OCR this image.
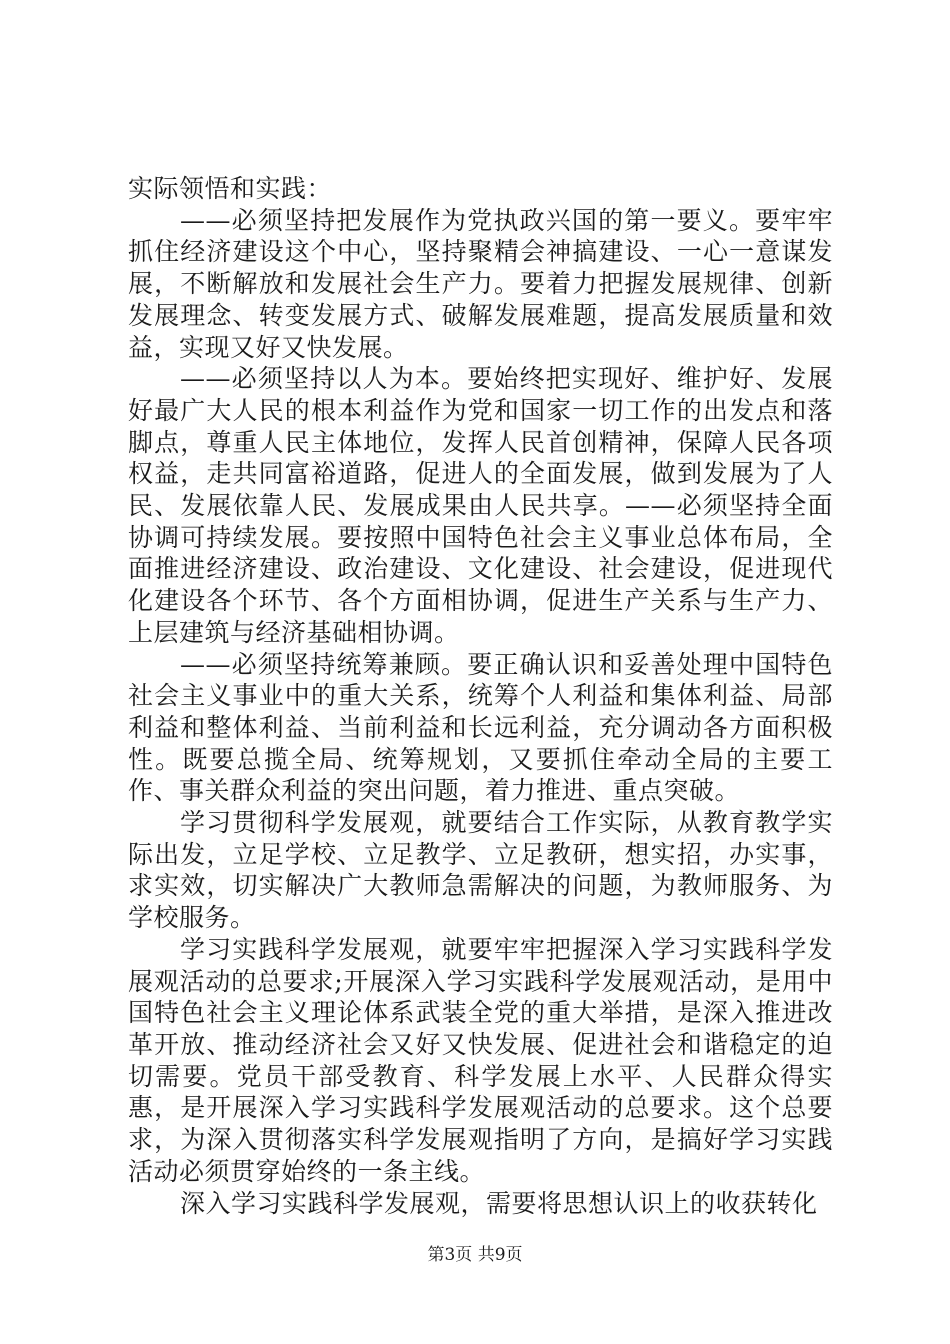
实际领悟和实践：

——必须坚持把发展作为党执政兴国的第一要义。要牢牢抓住经济建设这个中心，坚持聚精会神搞建设、一心一意谋发展，不断解放和发展社会生产力。要着力把握发展规律、创新发展理念、转变发展方式、破解发展难题，提高发展质量和效益，实现又好又快发展。

——必须坚持以人为本。要始终把实现好、维护好、发展好最广大人民的根本利益作为党和国家一切工作的出发点和落脚点，尊重人民主体地位，发挥人民首创精神，保障人民各项权益，走共同富裕道路，促进人的全面发展，做到发展为了人民、发展依靠人民、发展成果由人民共享。——必须坚持全面协调可持续发展。要按照中国特色社会主义事业总体布局，全面推进经济建设、政治建设、文化建设、社会建设，促进现代化建设各个环节、各个方面相协调，促进生产关系与生产力、上层建筑与经济基础相协调。

——必须坚持统筹兼顾。要正确认识和妥善处理中国特色社会主义事业中的重大关系，统筹个人利益和集体利益、局部利益和整体利益、当前利益和长远利益，充分调动各方面积极性。既要总揽全局、统筹规划，又要抓住牵动全局的主要工作、事关群众利益的突出问题，着力推进、重点突破。

学习贯彻科学发展观，就要结合工作实际，从教育教学实际出发，立足学校、立足教学、立足教研，想实招，办实事，求实效，切实解决广大教师急需解决的问题，为教师服务、为学校服务。

学习实践科学发展观，就要牢牢把握深入学习实践科学发展观活动的总要求;开展深入学习实践科学发展观活动，是用中国特色社会主义理论体系武装全党的重大举措，是深入推进改革开放、推动经济社会又好又快发展、促进社会和谐稳定的迫切需要。党员干部受教育、科学发展上水平、人民群众得实惠，是开展深入学习实践科学发展观活动的总要求。这个总要求，为深入贯彻落实科学发展观指明了方向，是搞好学习实践活动必须贯穿始终的一条主线。

深入学习实践科学发展观，需要将思想认识上的收获转化

第3页 共9页
